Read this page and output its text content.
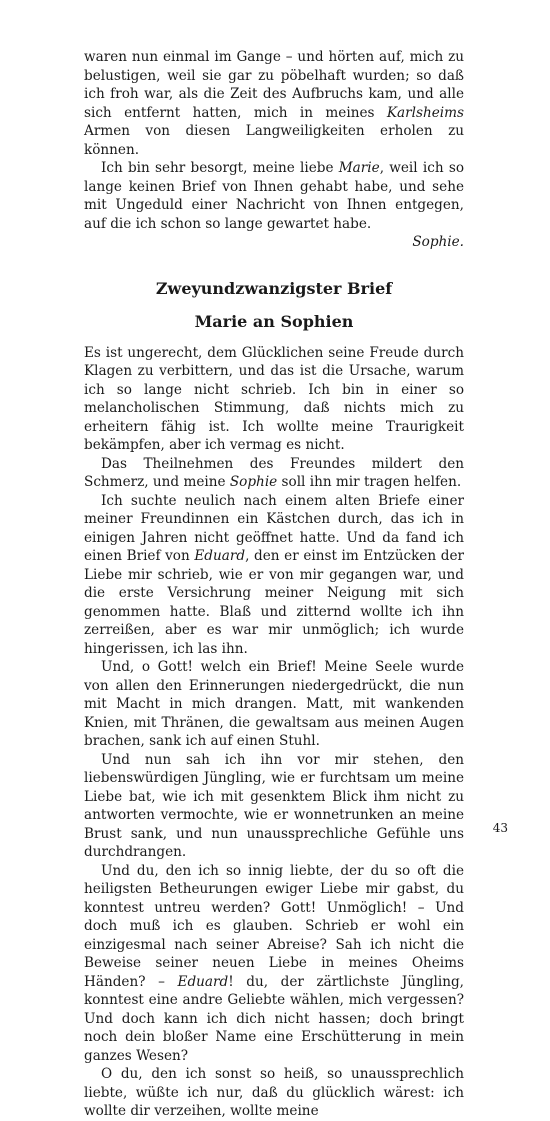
waren nun einmal im Gange – und hörten auf, mich zu belustigen, weil sie gar zu pöbelhaft wurden; so daß ich froh war, als die Zeit des Aufbruchs kam, und alle sich entfernt hatten, mich in meines Karlsheims Armen von diesen Langweiligkeiten erholen zu können.

Ich bin sehr besorgt, meine liebe Marie, weil ich so lange keinen Brief von Ihnen gehabt habe, und sehe mit Ungeduld einer Nachricht von Ihnen entgegen, auf die ich schon so lange gewartet habe.

Sophie.

Zweyundzwanzigster Brief
Marie an Sophien

Es ist ungerecht, dem Glücklichen seine Freude durch Klagen zu verbittern, und das ist die Ursache, warum ich so lange nicht schrieb. Ich bin in einer so melancholischen Stimmung, daß nichts mich zu erheitern fähig ist. Ich wollte meine Traurigkeit bekämpfen, aber ich vermag es nicht.

Das Theilnehmen des Freundes mildert den Schmerz, und meine Sophie soll ihn mir tragen helfen.

Ich suchte neulich nach einem alten Briefe einer meiner Freundinnen ein Kästchen durch, das ich in einigen Jahren nicht geöffnet hatte. Und da fand ich einen Brief von Eduard, den er einst im Entzücken der Liebe mir schrieb, wie er von mir gegangen war, und die erste Versichrung meiner Neigung mit sich genommen hatte. Blaß und zitternd wollte ich ihn zerreißen, aber es war mir unmöglich; ich wurde hingerissen, ich las ihn.

Und, o Gott! welch ein Brief! Meine Seele wurde von allen den Erinnerungen niedergedrückt, die nun mit Macht in mich drangen. Matt, mit wankenden Knien, mit Thränen, die gewaltsam aus meinen Augen brachen, sank ich auf einen Stuhl.

Und nun sah ich ihn vor mir stehen, den liebenswürdigen Jüngling, wie er furchtsam um meine Liebe bat, wie ich mit gesenktem Blick ihm nicht zu antworten vermochte, wie er wonnetrunken an meine Brust sank, und nun unaussprechliche Gefühle uns durchdrangen.

Und du, den ich so innig liebte, der du so oft die heiligsten Betheurungen ewiger Liebe mir gabst, du konntest untreu werden? Gott! Unmöglich! – Und doch muß ich es glauben. Schrieb er wohl ein einzigesmal nach seiner Abreise? Sah ich nicht die Beweise seiner neuen Liebe in meines Oheims Händen? – Eduard! du, der zärtlichste Jüngling, konntest eine andre Geliebte wählen, mich vergessen? Und doch kann ich dich nicht hassen; doch bringt noch dein bloßer Name eine Erschütterung in mein ganzes Wesen?

O du, den ich sonst so heiß, so unaussprechlich liebte, wüßte ich nur, daß du glücklich wärest: ich wollte dir verzeihen, wollte meine

43
